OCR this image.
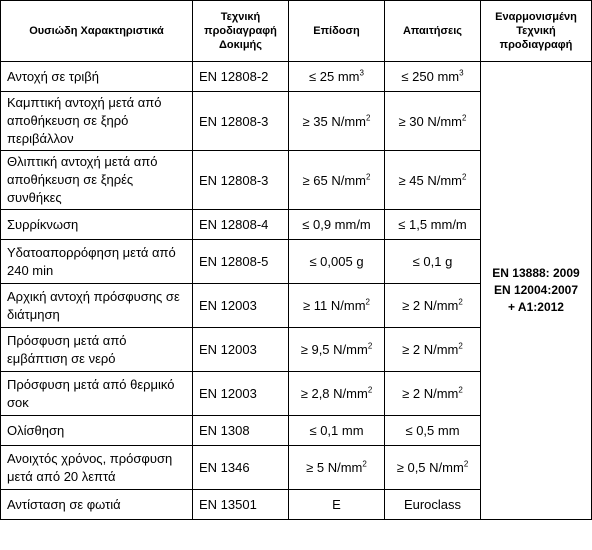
Ουσιώδη Χαρακτηριστικά	Τεχνική προδιαγραφή Δοκιμής	Επίδοση	Απαιτήσεις	Εναρμονισμένη Τεχνική προδιαγραφή
Αντοχή σε τριβή	EN 12808-2	≤ 25 $mm^3$	≤ 250 $mm^3$	EN 13888: 2009
EN 12004:2007
+ A1:2012

Καμπτική αντοχή μετά από αποθήκευση σε ξηρό περιβάλλον	EN 12808-3	≥ 35 $N/mm^2$	≥ 30 $N/mm^2$
Θλιπτική αντοχή μετά από αποθήκευση σε ξηρές συνθήκες	EN 12808-3	≥ 65 $N/mm^2$	≥ 45 $N/mm^2$
Συρρίκνωση	EN 12808-4	≤ 0,9 mm/m	≤ 1,5 mm/m	
Υδατοαπορρόφηση μετά από 240 min	EN 12808-5	≤ 0,005 g	≤ 0,1 g	
Αρχική αντοχή πρόσφυσης σε διάτμηση	EN 12003	≥ 11 $N/mm^2$	≥ 2 $N/mm^2$
Πρόσφυση μετά από εμβάπτιση σε νερό	EN 12003	≥ 9,5 $N/mm^2$	≥ 2 $N/mm^2$
Πρόσφυση μετά από θερμικό σοκ	EN 12003	≥ 2,8 $N/mm^2$	≥ 2 $N/mm^2$
Ολίσθηση	EN 1308	≤ 0,1 mm	≤ 0,5 mm	
Ανοιχτός χρόνος, πρόσφυση μετά από 20 λεπτά	EN 1346	≥ 5 $N/mm^2$	≥ 0,5 $N/mm^2$
Αντίσταση σε φωτιά	EN 13501	E	Euroclass	
